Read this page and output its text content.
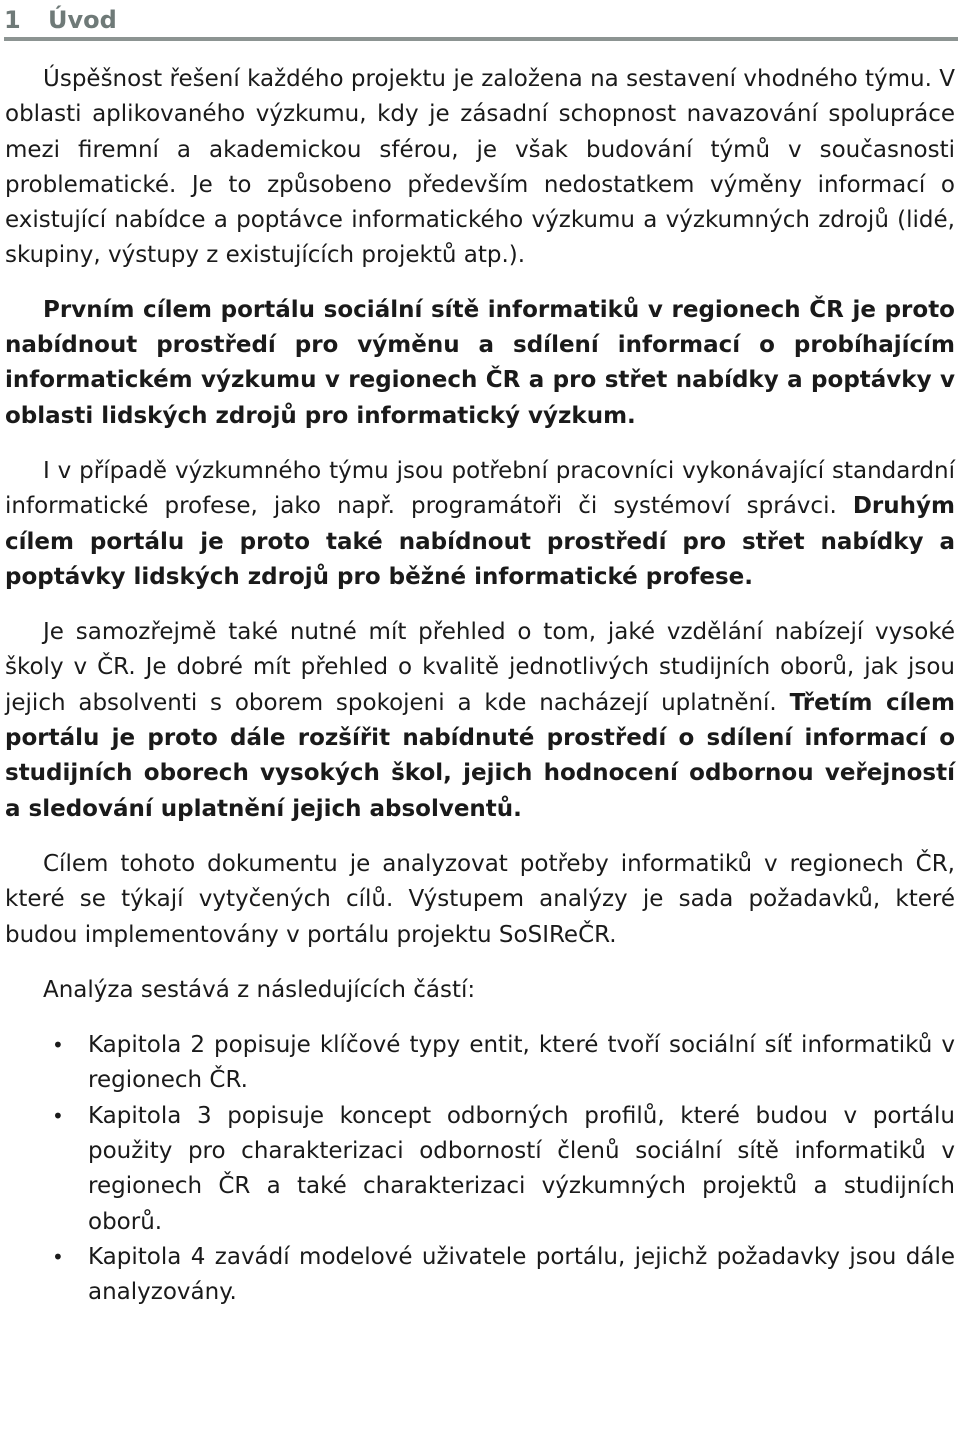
1 Úvod

Úspěšnost řešení každého projektu je založena na sestavení vhodného týmu. V oblasti aplikovaného výzkumu, kdy je zásadní schopnost navazování spolupráce mezi firemní a akademickou sférou, je však budování týmů v současnosti problematické. Je to způsobeno především nedostatkem výměny informací o existující nabídce a poptávce informatického výzkumu a výzkumných zdrojů (lidé, skupiny, výstupy z existujících projektů atp.).

Prvním cílem portálu sociální sítě informatiků v regionech ČR je proto nabídnout prostředí pro výměnu a sdílení informací o probíhajícím informatickém výzkumu v regionech ČR a pro střet nabídky a poptávky v oblasti lidských zdrojů pro informatický výzkum.

I v případě výzkumného týmu jsou potřební pracovníci vykonávající standardní informatické profese, jako např. programátoři či systémoví správci. Druhým cílem portálu je proto také nabídnout prostředí pro střet nabídky a poptávky lidských zdrojů pro běžné informatické profese.

Je samozřejmě také nutné mít přehled o tom, jaké vzdělání nabízejí vysoké školy v ČR. Je dobré mít přehled o kvalitě jednotlivých studijních oborů, jak jsou jejich absolventi s oborem spokojeni a kde nacházejí uplatnění. Třetím cílem portálu je proto dále rozšířit nabídnuté prostředí o sdílení informací o studijních oborech vysokých škol, jejich hodnocení odbornou veřejností a sledování uplatnění jejich absolventů.

Cílem tohoto dokumentu je analyzovat potřeby informatiků v regionech ČR, které se týkají vytyčených cílů. Výstupem analýzy je sada požadavků, které budou implementovány v portálu projektu SoSIReČR.

Analýza sestává z následujících částí:

• Kapitola 2 popisuje klíčové typy entit, které tvoří sociální síť informatiků v regionech ČR.
• Kapitola 3 popisuje koncept odborných profilů, které budou v portálu použity pro charakterizaci odborností členů sociální sítě informatiků v regionech ČR a také charakterizaci výzkumných projektů a studijních oborů.
• Kapitola 4 zavádí modelové uživatele portálu, jejichž požadavky jsou dále analyzovány.
